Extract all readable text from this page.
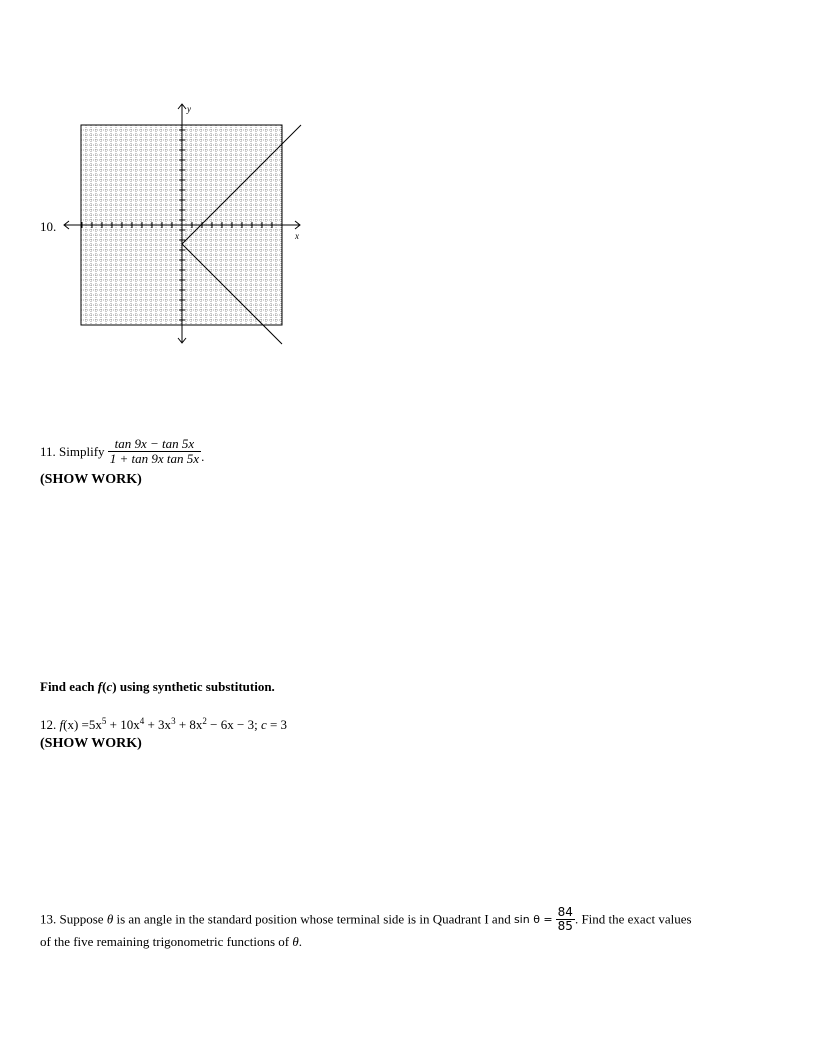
y
x
10.
11. Simplify $\frac{\tan 9x - \tan 5x}{\text{1 + tan 9x tan 5x}}$ .
(SHOW WORK)
Find each f(c) using synthetic substitution.
12. $f(x) =5x^5 + 10x^4 + 3x^3 + 8x^2 - 6x - 3$; c = 3
(SHOW WORK)
13. Suppose θ is an angle in the standard position whose terminal side is in Quadrant I and $\sin \theta = \frac{84}{85}$ . Find the exact values
of the five remaining trigonometric functions of θ.
